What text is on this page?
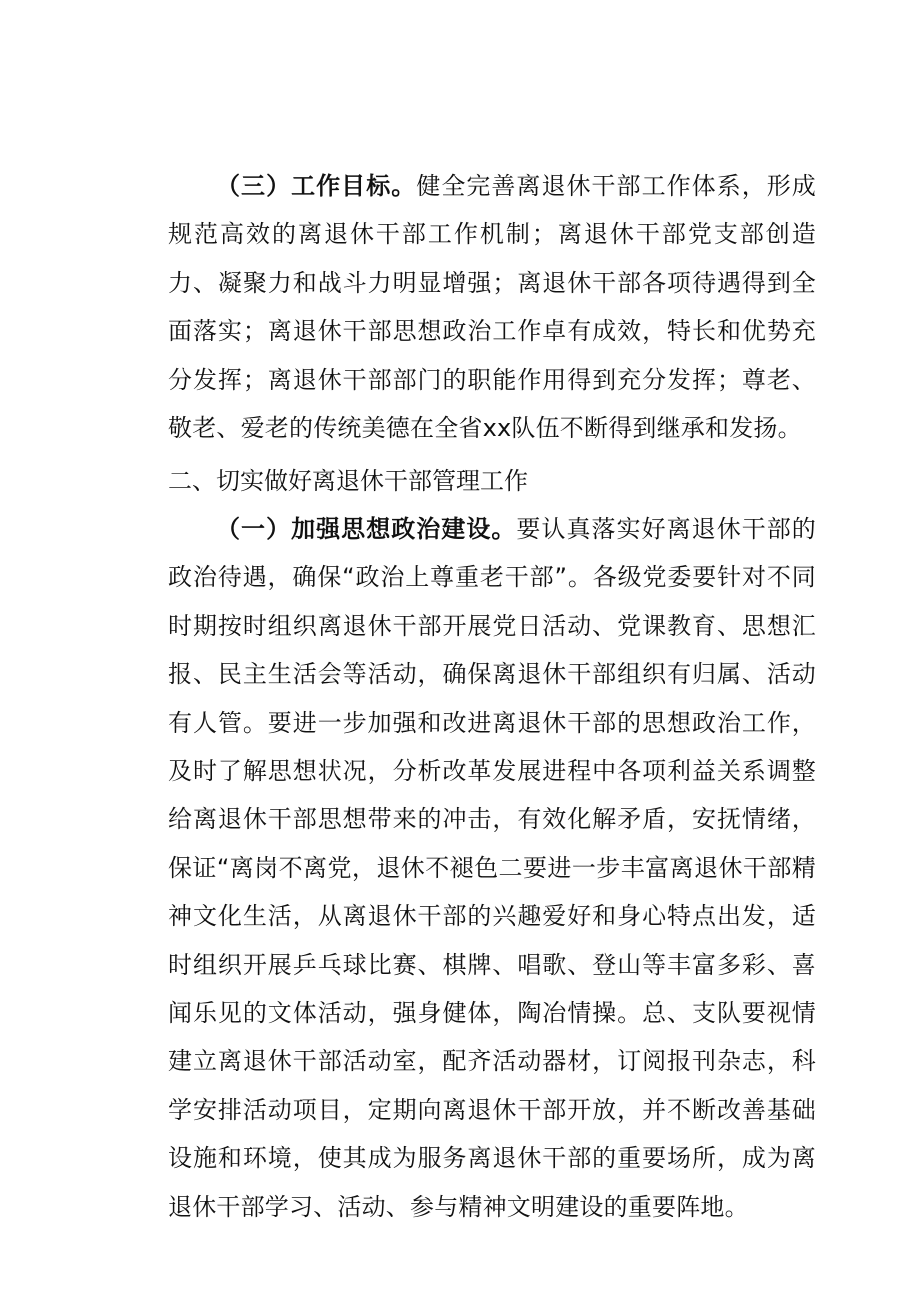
（三）工作目标。健全完善离退休干部工作体系，形成规范高效的离退休干部工作机制；离退休干部党支部创造力、凝聚力和战斗力明显增强；离退休干部各项待遇得到全面落实；离退休干部思想政治工作卓有成效，特长和优势充分发挥；离退休干部部门的职能作用得到充分发挥；尊老、敬老、爱老的传统美德在全省xx队伍不断得到继承和发扬。

二、切实做好离退休干部管理工作

（一）加强思想政治建设。要认真落实好离退休干部的政治待遇，确保“政治上尊重老干部”。各级党委要针对不同时期按时组织离退休干部开展党日活动、党课教育、思想汇报、民主生活会等活动，确保离退休干部组织有归属、活动有人管。要进一步加强和改进离退休干部的思想政治工作，及时了解思想状况，分析改革发展进程中各项利益关系调整给离退休干部思想带来的冲击，有效化解矛盾，安抚情绪，保证“离岗不离党，退休不褪色二要进一步丰富离退休干部精神文化生活，从离退休干部的兴趣爱好和身心特点出发，适时组织开展乒乓球比赛、棋牌、唱歌、登山等丰富多彩、喜闻乐见的文体活动，强身健体，陶冶情操。总、支队要视情建立离退休干部活动室，配齐活动器材，订阅报刊杂志，科学安排活动项目，定期向离退休干部开放，并不断改善基础设施和环境，使其成为服务离退休干部的重要场所，成为离退休干部学习、活动、参与精神文明建设的重要阵地。
